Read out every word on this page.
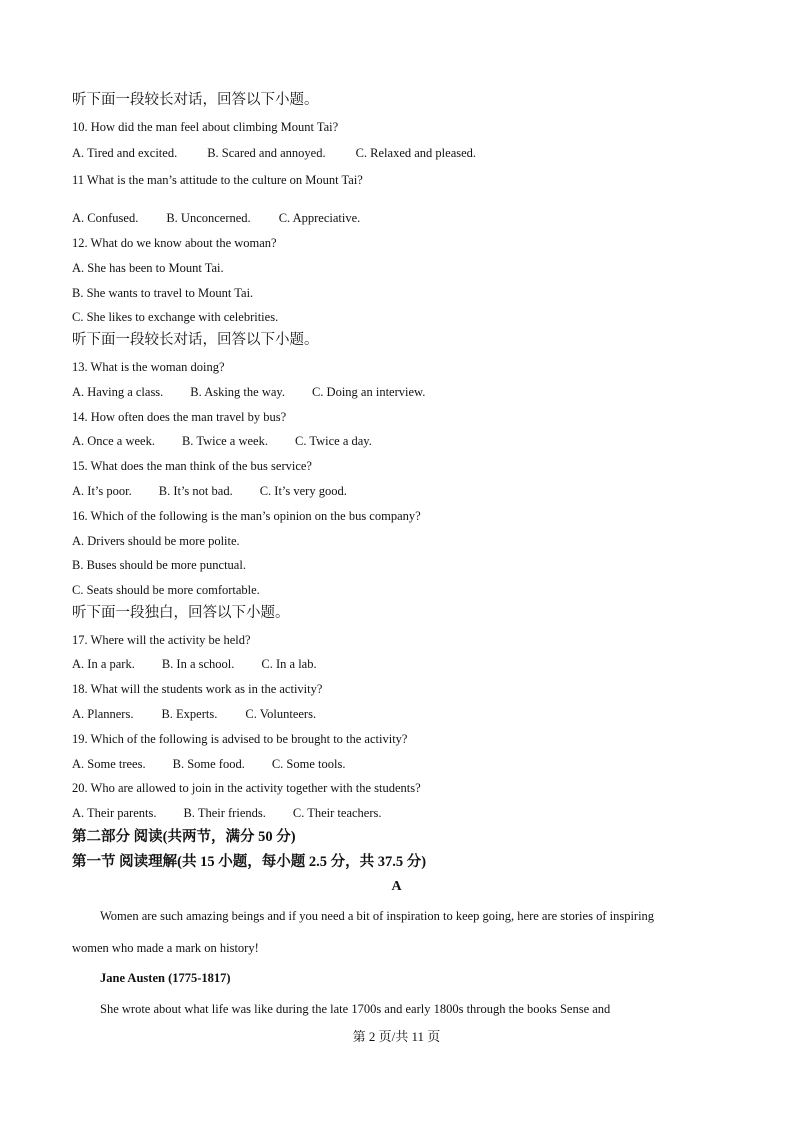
听下面一段较长对话，回答以下小题。
10. How did the man feel about climbing Mount Tai?
A. Tired and excited. B. Scared and annoyed. C. Relaxed and pleased.
11 What is the man’s attitude to the culture on Mount Tai?
A. Confused. B. Unconcerned. C. Appreciative.
12. What do we know about the woman?
A. She has been to Mount Tai.
B. She wants to travel to Mount Tai.
C. She likes to exchange with celebrities.
听下面一段较长对话，回答以下小题。
13. What is the woman doing?
A. Having a class. B. Asking the way. C. Doing an interview.
14. How often does the man travel by bus?
A. Once a week. B. Twice a week. C. Twice a day.
15. What does the man think of the bus service?
A. It’s poor. B. It’s not bad. C. It’s very good.
16. Which of the following is the man’s opinion on the bus company?
A. Drivers should be more polite.
B. Buses should be more punctual.
C. Seats should be more comfortable.
听下面一段独白，回答以下小题。
17. Where will the activity be held?
A. In a park. B. In a school. C. In a lab.
18. What will the students work as in the activity?
A. Planners. B. Experts. C. Volunteers.
19. Which of the following is advised to be brought to the activity?
A. Some trees. B. Some food. C. Some tools.
20. Who are allowed to join in the activity together with the students?
A. Their parents. B. Their friends. C. Their teachers.
第二部分 阅读(共两节，满分 50 分)
第一节 阅读理解(共 15 小题，每小题 2.5 分，共 37.5 分)
A
Women are such amazing beings and if you need a bit of inspiration to keep going, here are stories of inspiring
women who made a mark on history!
Jane Austen (1775-1817)
She wrote about what life was like during the late 1700s and early 1800s through the books Sense and
第 2 页/共 11 页
